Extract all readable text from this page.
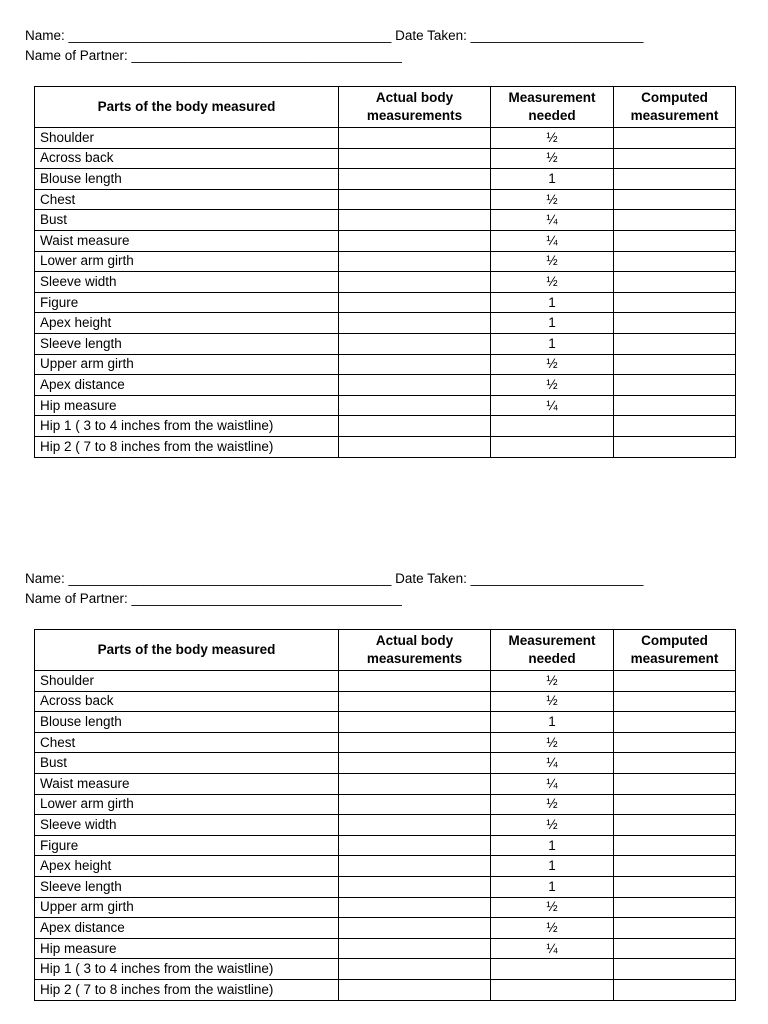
Name: ___________________________________________ Date Taken: _______________________
Name of Partner: ____________________________________
Parts of the body measured	Actual body measurements	Measurement needed	Computed measurement
Shoulder		½	
Across back		½	
Blouse length		1	
Chest		½	
Bust		¼	
Waist measure		¼	
Lower arm girth		½	
Sleeve width		½	
Figure		1	
Apex height		1	
Sleeve length		1	
Upper arm girth		½	
Apex distance		½	
Hip measure		¼	
Hip 1 ( 3 to 4 inches from the waistline)			
Hip 2 ( 7 to 8 inches from the waistline)			
Name: ___________________________________________ Date Taken: _______________________
Name of Partner: ____________________________________
Parts of the body measured	Actual body measurements	Measurement needed	Computed measurement
Shoulder		½	
Across back		½	
Blouse length		1	
Chest		½	
Bust		¼	
Waist measure		¼	
Lower arm girth		½	
Sleeve width		½	
Figure		1	
Apex height		1	
Sleeve length		1	
Upper arm girth		½	
Apex distance		½	
Hip measure		¼	
Hip 1 ( 3 to 4 inches from the waistline)			
Hip 2 ( 7 to 8 inches from the waistline)			
